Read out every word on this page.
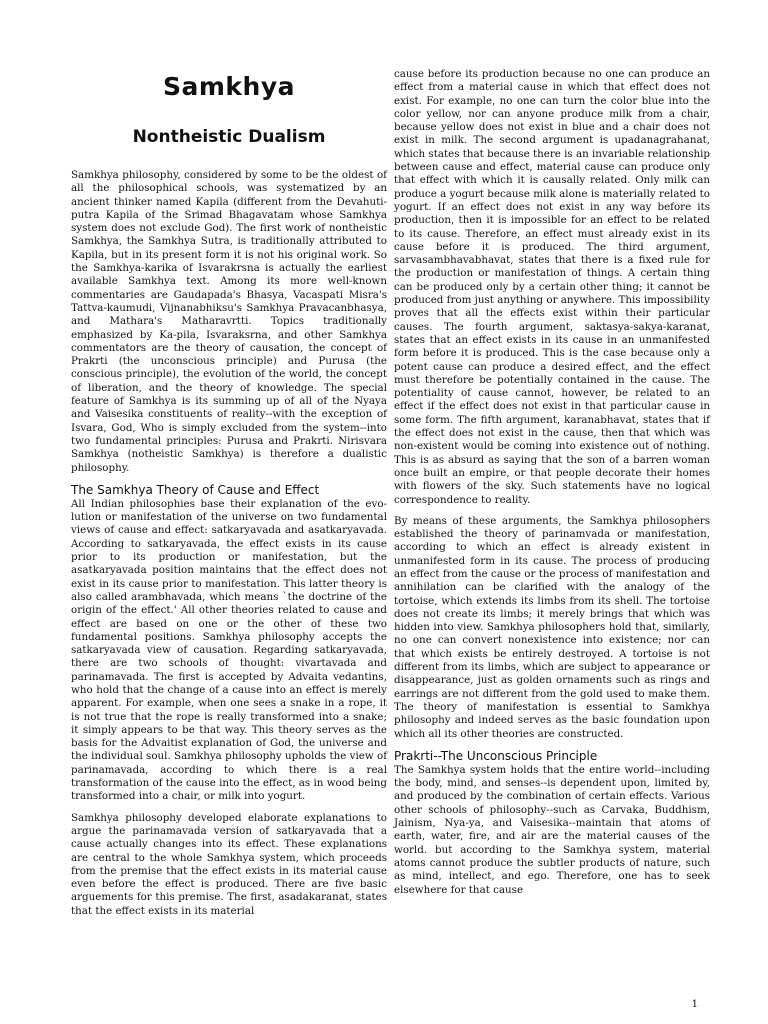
Samkhya
Nontheistic Dualism

Samkhya philosophy, considered by some to be the oldest of all the philosophical schools, was systematized by an ancient thinker named Kapila (different from the Devahuti-putra Kapila of the Srimad Bhagavatam whose Samkhya system does not exclude God). The first work of nontheistic Samkhya, the Samkhya Sutra, is traditionally attributed to Kapila, but in its present form it is not his original work. So the Samkhya-karika of Isvarakrsna is actually the earliest available Samkhya text. Among its more well-known commentaries are Gaudapada's Bhasya, Vacaspati Misra's Tattva-kaumudi, Vijnanabhiksu's Samkhya Pravacanbhasya, and Mathara's Matharavrtti. Topics traditionally emphasized by Ka-pila, Isvaraksrna, and other Samkhya commentators are the theory of causation, the concept of Prakrti (the unconscious principle) and Purusa (the conscious principle), the evolution of the world, the concept of liberation, and the theory of knowledge. The special feature of Samkhya is its summing up of all of the Nyaya and Vaisesika constituents of reality--with the exception of Isvara, God, Who is simply excluded from the system--into two fundamental principles: Purusa and Prakrti. Nirisvara Samkhya (notheistic Samkhya) is therefore a dualistic philosophy.

The Samkhya Theory of Cause and Effect

All Indian philosophies base their explanation of the evo-lution or manifestation of the universe on two fundamental views of cause and effect: satkaryavada and asatkaryavada. According to satkaryavada, the effect exists in its cause prior to its production or manifestation, but the asatkaryavada position maintains that the effect does not exist in its cause prior to manifestation. This latter theory is also called arambhavada, which means `the doctrine of the origin of the effect.' All other theories related to cause and effect are based on one or the other of these two fundamental positions. Samkhya philosophy accepts the satkaryavada view of causation. Regarding satkaryavada, there are two schools of thought: vivartavada and parinamavada. The first is accepted by Advaita vedantins, who hold that the change of a cause into an effect is merely apparent. For example, when one sees a snake in a rope, it is not true that the rope is really transformed into a snake; it simply appears to be that way. This theory serves as the basis for the Advaitist explanation of God, the universe and the individual soul. Samkhya philosophy upholds the view of parinamavada, according to which there is a real transformation of the cause into the effect, as in wood being transformed into a chair, or milk into yogurt.

Samkhya philosophy developed elaborate explanations to argue the parinamavada version of satkaryavada that a cause actually changes into its effect. These explanations are central to the whole Samkhya system, which proceeds from the premise that the effect exists in its material cause even before the effect is produced. There are five basic arguements for this premise. The first, asadakaranat, states that the effect exists in its material

cause before its production because no one can produce an effect from a material cause in which that effect does not exist. For example, no one can turn the color blue into the color yellow, nor can anyone produce milk from a chair, because yellow does not exist in blue and a chair does not exist in milk. The second argument is upadanagrahanat, which states that because there is an invariable relationship between cause and effect, material cause can produce only that effect with which it is causally related. Only milk can produce a yogurt because milk alone is materially related to yogurt. If an effect does not exist in any way before its production, then it is impossible for an effect to be related to its cause. Therefore, an effect must already exist in its cause before it is produced. The third argument, sarvasambhavabhavat, states that there is a fixed rule for the production or manifestation of things. A certain thing can be produced only by a certain other thing; it cannot be produced from just anything or anywhere. This impossibility proves that all the effects exist within their particular causes. The fourth argument, saktasya-sakya-karanat, states that an effect exists in its cause in an unmanifested form before it is produced. This is the case because only a potent cause can produce a desired effect, and the effect must therefore be potentially contained in the cause. The potentiality of cause cannot, however, be related to an effect if the effect does not exist in that particular cause in some form. The fifth argument, karanabhavat, states that if the effect does not exist in the cause, then that which was non-existent would be coming into existence out of nothing. This is as absurd as saying that the son of a barren woman once built an empire, or that people decorate their homes with flowers of the sky. Such statements have no logical correspondence to reality.

By means of these arguments, the Samkhya philosophers established the theory of parinamvada or manifestation, according to which an effect is already existent in unmanifested form in its cause. The process of producing an effect from the cause or the process of manifestation and annihilation can be clarified with the analogy of the tortoise, which extends its limbs from its shell. The tortoise does not create its limbs; it merely brings that which was hidden into view. Samkhya philosophers hold that, similarly, no one can convert nonexistence into existence; nor can that which exists be entirely destroyed. A tortoise is not different from its limbs, which are subject to appearance or disappearance, just as golden ornaments such as rings and earrings are not different from the gold used to make them. The theory of manifestation is essential to Samkhya philosophy and indeed serves as the basic foundation upon which all its other theories are constructed.

Prakrti--The Unconscious Principle

The Samkhya system holds that the entire world--including the body, mind, and senses--is dependent upon, limited by, and produced by the combination of certain effects. Various other schools of philosophy--such as Carvaka, Buddhism, Jainism, Nya-ya, and Vaisesika--maintain that atoms of earth, water, fire, and air are the material causes of the world. but according to the Samkhya system, material atoms cannot produce the subtler products of nature, such as mind, intellect, and ego. Therefore, one has to seek elsewhere for that cause

1
